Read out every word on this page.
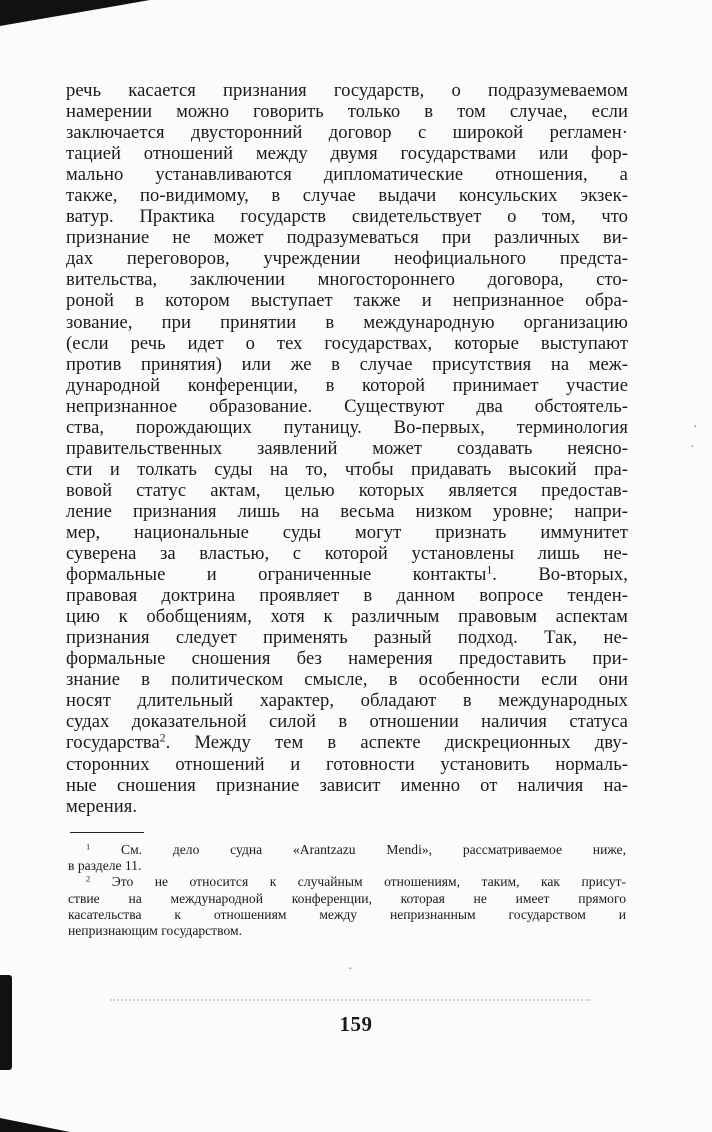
речь касается признания государств, о подразумеваемом
намерении можно говорить только в том случае, если
заключается двусторонний договор с широкой регламен·
тацией отношений между двумя государствами или фор-
мально устанавливаются дипломатические отношения, а
также, по-видимому, в случае выдачи консульских экзек-
ватур. Практика государств свидетельствует о том, что
признание не может подразумеваться при различных ви-
дах переговоров, учреждении неофициального предста-
вительства, заключении многостороннего договора, сто-
роной в котором выступает также и непризнанное обра-
зование, при принятии в международную организацию
(если речь идет о тех государствах, которые выступают
против принятия) или же в случае присутствия на меж-
дународной конференции, в которой принимает участие
непризнанное образование. Существуют два обстоятель-
ства, порождающих путаницу. Во-первых, терминология
правительственных заявлений может создавать неясно-
сти и толкать суды на то, чтобы придавать высокий пра-
вовой статус актам, целью которых является предостав-
ление признания лишь на весьма низком уровне; напри-
мер, национальные суды могут признать иммунитет
суверена за властью, с которой установлены лишь не-
формальные и ограниченные контакты$^1$. Во-вторых,
правовая доктрина проявляет в данном вопросе тенден-
цию к обобщениям, хотя к различным правовым аспектам
признания следует применять разный подход. Так, не-
формальные сношения без намерения предоставить при-
знание в политическом смысле, в особенности если они
носят длительный характер, обладают в международных
судах доказательной силой в отношении наличия статуса
государства$^2$. Между тем в аспекте дискреционных дву-
сторонних отношений и готовности установить нормаль-
ные сношения признание зависит именно от наличия на-
мерения.
$^1$ См. дело судна «Arantzazu Mendi», рассматриваемое ниже,
в разделе 11.
$^2$ Это не относится к случайным отношениям, таким, как присут-
ствие на международной конференции, которая не имеет прямого
касательства к отношениям между непризнанным государством и
непризнающим государством.
159
·
·
·
